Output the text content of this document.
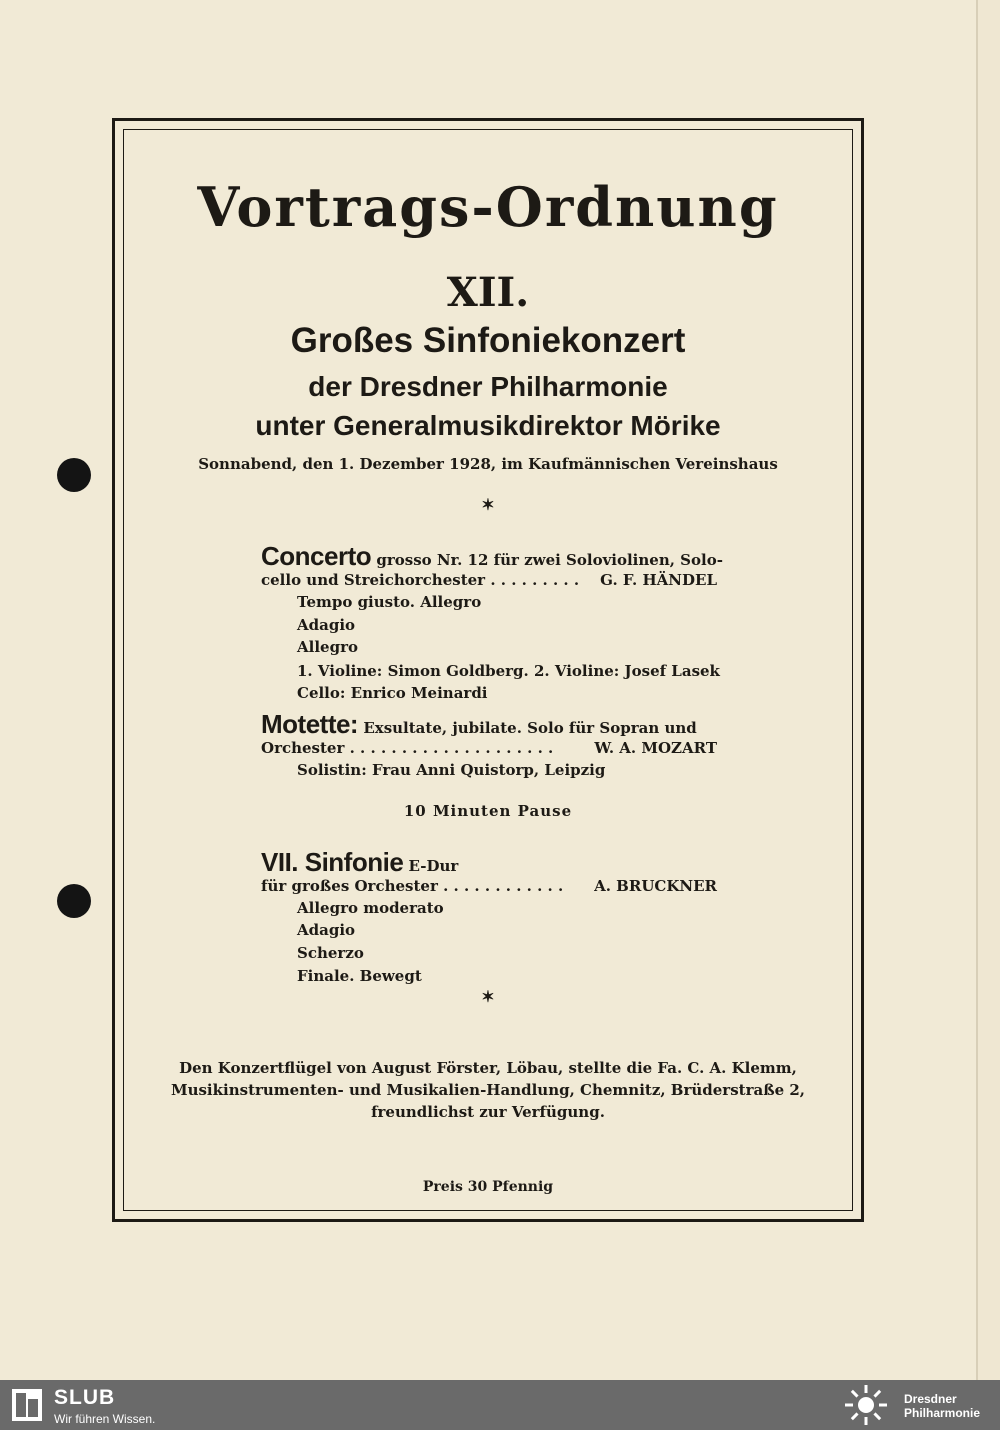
Vortrags-Ordnung
XII.
Großes Sinfoniekonzert
der Dresdner Philharmonie
unter Generalmusikdirektor Mörike
Sonnabend, den 1. Dezember 1928, im Kaufmännischen Vereinshaus
✶
Concerto grosso Nr. 12 für zwei Soloviolinen, Solo-
cello und Streichorchester . . . . . . . . . G. F. HÄNDEL
Tempo giusto. Allegro
Adagio
Allegro
1. Violine: Simon Goldberg. 2. Violine: Josef Lasek
Cello: Enrico Meinardi
Motette: Exsultate, jubilate. Solo für Sopran und
Orchester . . . . . . . . . . . . . . . . . . . .	W. A. MOZART
Solistin: Frau Anni Quistorp, Leipzig
10 Minuten Pause
VII. Sinfonie E-Dur
für großes Orchester . . . . . . . . . . . . A. BRUCKNER
Allegro moderato
Adagio
Scherzo
Finale. Bewegt
✶
Den Konzertflügel von August Förster, Löbau, stellte die Fa. C. A. Klemm,
Musikinstrumenten- und Musikalien-Handlung, Chemnitz, Brüderstraße 2,
freundlichst zur Verfügung.
Preis 30 Pfennig
SLUB
Wir führen Wissen.
Dresdner
Philharmonie
